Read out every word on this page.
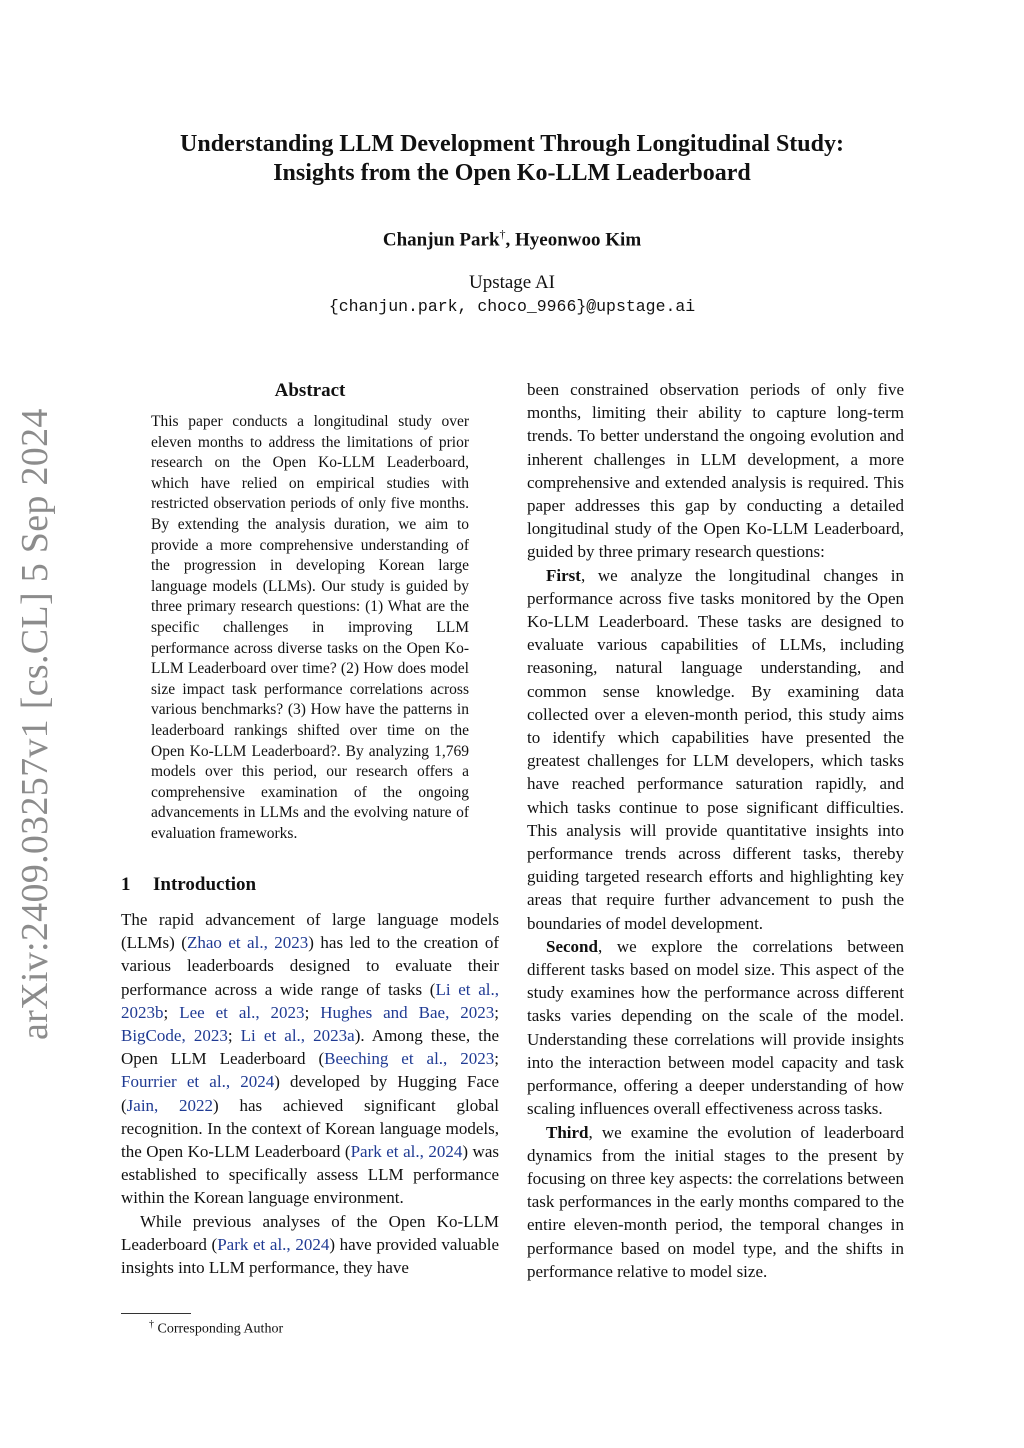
arXiv:2409.03257v1 [cs.CL] 5 Sep 2024
Understanding LLM Development Through Longitudinal Study:
Insights from the Open Ko-LLM Leaderboard
Chanjun Park†, Hyeonwoo Kim
Upstage AI
{chanjun.park, choco_9966}@upstage.ai
Abstract
This paper conducts a longitudinal study over eleven months to address the limitations of prior research on the Open Ko-LLM Leaderboard, which have relied on empirical studies with restricted observation periods of only five months. By extending the analysis duration, we aim to provide a more comprehensive understanding of the progression in developing Korean large language models (LLMs). Our study is guided by three primary research questions: (1) What are the specific challenges in improving LLM performance across diverse tasks on the Open Ko-LLM Leaderboard over time? (2) How does model size impact task performance correlations across various benchmarks? (3) How have the patterns in leaderboard rankings shifted over time on the Open Ko-LLM Leaderboard?. By analyzing 1,769 models over this period, our research offers a comprehensive examination of the ongoing advancements in LLMs and the evolving nature of evaluation frameworks.
1 Introduction

The rapid advancement of large language models (LLMs) (Zhao et al., 2023) has led to the creation of various leaderboards designed to evaluate their performance across a wide range of tasks (Li et al., 2023b; Lee et al., 2023; Hughes and Bae, 2023; BigCode, 2023; Li et al., 2023a). Among these, the Open LLM Leaderboard (Beeching et al., 2023; Fourrier et al., 2024) developed by Hugging Face (Jain, 2022) has achieved significant global recognition. In the context of Korean language models, the Open Ko-LLM Leaderboard (Park et al., 2024) was established to specifically assess LLM performance within the Korean language environment.

While previous analyses of the Open Ko-LLM Leaderboard (Park et al., 2024) have provided valuable insights into LLM performance, they have

been constrained observation periods of only five months, limiting their ability to capture long-term trends. To better understand the ongoing evolution and inherent challenges in LLM development, a more comprehensive and extended analysis is required. This paper addresses this gap by conducting a detailed longitudinal study of the Open Ko-LLM Leaderboard, guided by three primary research questions:

First, we analyze the longitudinal changes in performance across five tasks monitored by the Open Ko-LLM Leaderboard. These tasks are designed to evaluate various capabilities of LLMs, including reasoning, natural language understanding, and common sense knowledge. By examining data collected over a eleven-month period, this study aims to identify which capabilities have presented the greatest challenges for LLM developers, which tasks have reached performance saturation rapidly, and which tasks continue to pose significant difficulties. This analysis will provide quantitative insights into performance trends across different tasks, thereby guiding targeted research efforts and highlighting key areas that require further advancement to push the boundaries of model development.

Second, we explore the correlations between different tasks based on model size. This aspect of the study examines how the performance across different tasks varies depending on the scale of the model. Understanding these correlations will provide insights into the interaction between model capacity and task performance, offering a deeper understanding of how scaling influences overall effectiveness across tasks.

Third, we examine the evolution of leaderboard dynamics from the initial stages to the present by focusing on three key aspects: the correlations between task performances in the early months compared to the entire eleven-month period, the temporal changes in performance based on model type, and the shifts in performance relative to model size.

† Corresponding Author
